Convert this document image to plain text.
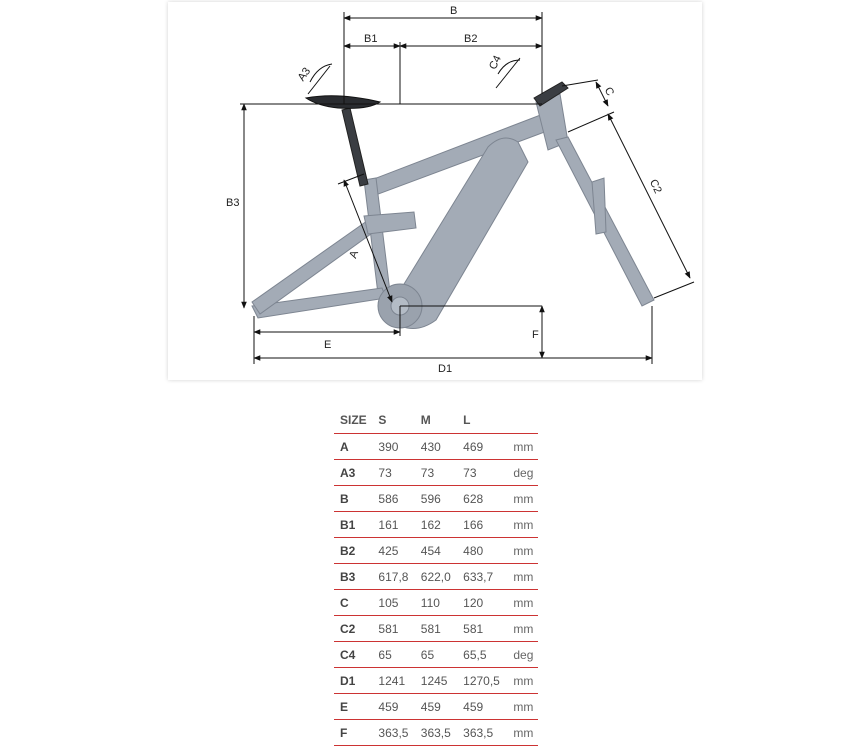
B
B1	B2
B3
A
A3
C
C2
C4
D1
E
F
SIZE	S	M	L	
A	390	430	469	mm
A3	73	73	73	deg
B	586	596	628	mm
B1	161	162	166	mm
B2	425	454	480	mm
B3	617,8	622,0	633,7	mm
C	105	110	120	mm
C2	581	581	581	mm
C4	65	65	65,5	deg
D1	1241	1245	1270,5	mm
E	459	459	459	mm
F	363,5	363,5	363,5	mm
